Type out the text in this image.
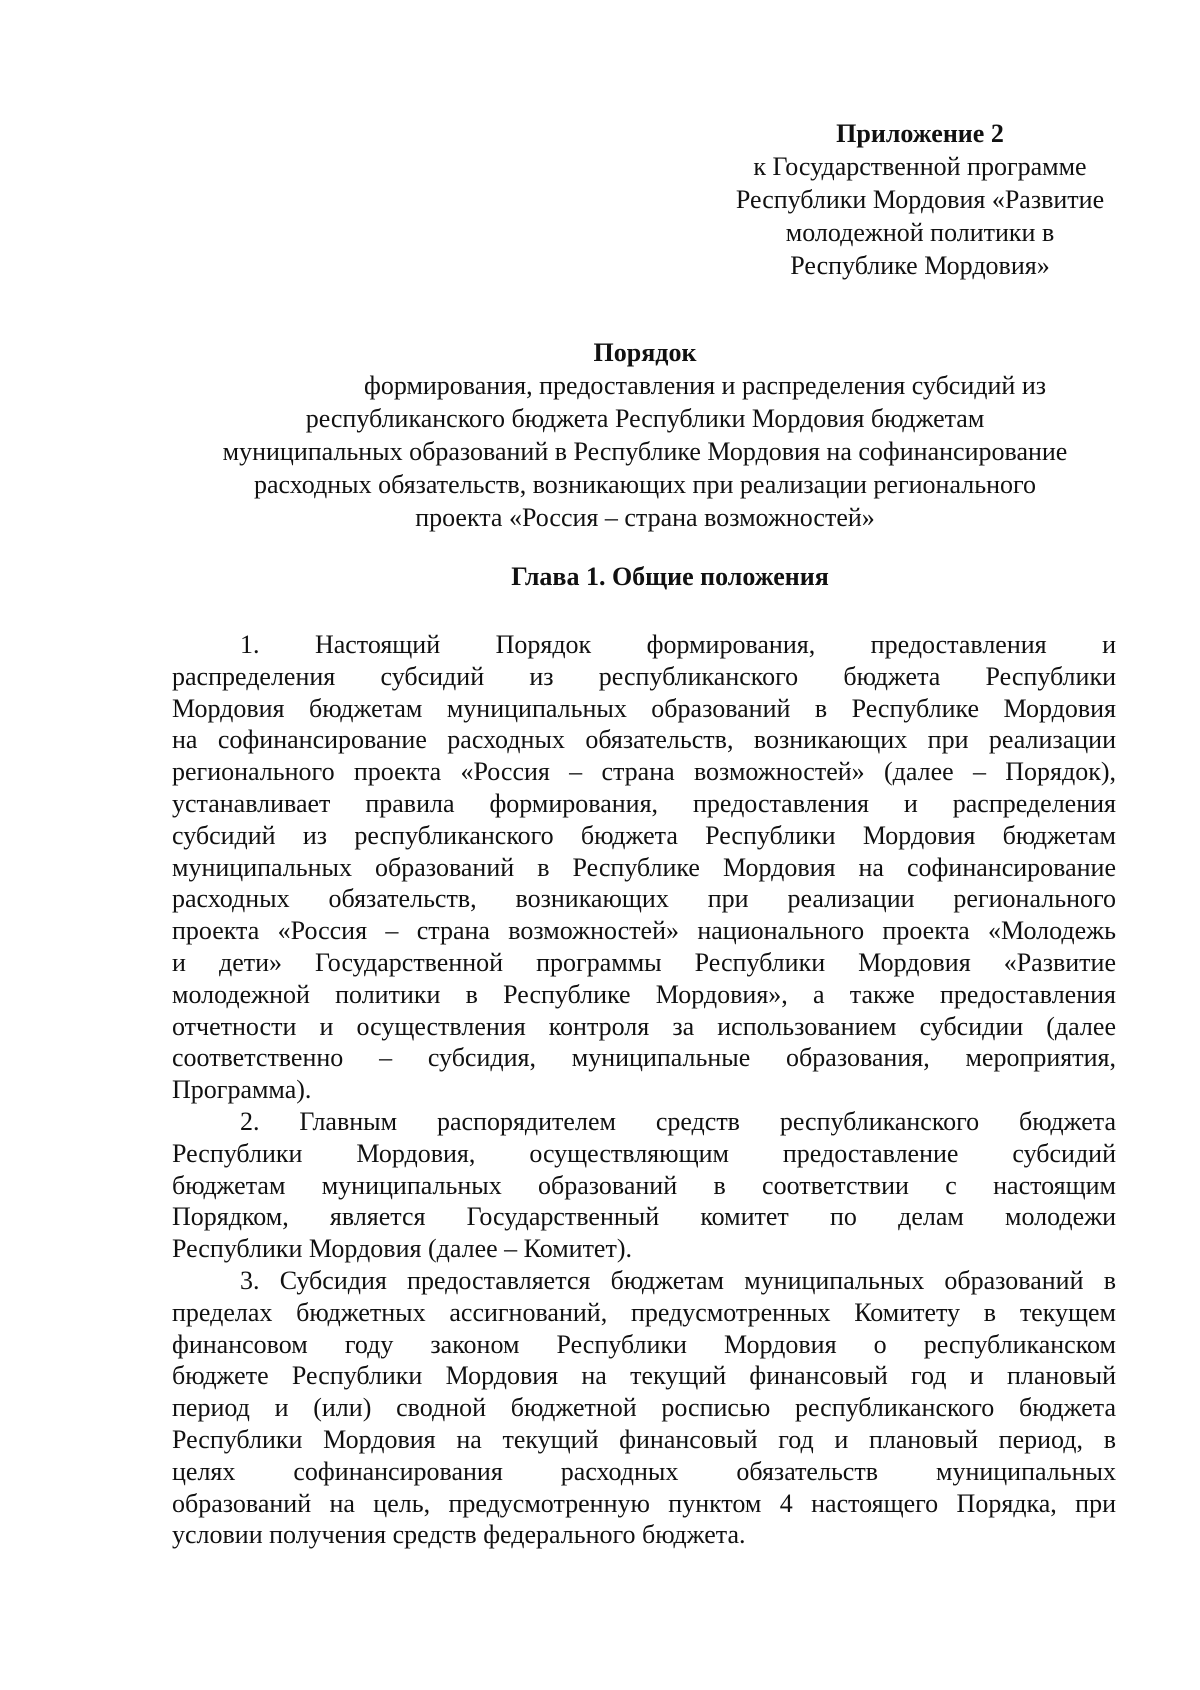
Приложение 2
к Государственной программе
Республики Мордовия «Развитие
молодежной политики в
Республике Мордовия»
Порядок
формирования, предоставления и распределения субсидий из
республиканского бюджета Республики Мордовия бюджетам
муниципальных образований в Республике Мордовия на софинансирование
расходных обязательств, возникающих при реализации регионального
проекта «Россия – страна возможностей»
Глава 1. Общие положения
1. Настоящий Порядок формирования, предоставления и
распределения субсидий из республиканского бюджета Республики
Мордовия бюджетам муниципальных образований в Республике Мордовия
на софинансирование расходных обязательств, возникающих при реализации
регионального проекта «Россия – страна возможностей» (далее – Порядок),
устанавливает правила формирования, предоставления и распределения
субсидий из республиканского бюджета Республики Мордовия бюджетам
муниципальных образований в Республике Мордовия на софинансирование
расходных обязательств, возникающих при реализации регионального
проекта «Россия – страна возможностей» национального проекта «Молодежь
и дети» Государственной программы Республики Мордовия «Развитие
молодежной политики в Республике Мордовия», а также предоставления
отчетности и осуществления контроля за использованием субсидии (далее
соответственно – субсидия, муниципальные образования, мероприятия,
Программа).
2. Главным распорядителем средств республиканского бюджета
Республики Мордовия, осуществляющим предоставление субсидий
бюджетам муниципальных образований в соответствии с настоящим
Порядком, является Государственный комитет по делам молодежи
Республики Мордовия (далее – Комитет).
3. Субсидия предоставляется бюджетам муниципальных образований в
пределах бюджетных ассигнований, предусмотренных Комитету в текущем
финансовом году законом Республики Мордовия о республиканском
бюджете Республики Мордовия на текущий финансовый год и плановый
период и (или) сводной бюджетной росписью республиканского бюджета
Республики Мордовия на текущий финансовый год и плановый период, в
целях софинансирования расходных обязательств муниципальных
образований на цель, предусмотренную пунктом 4 настоящего Порядка, при
условии получения средств федерального бюджета.
